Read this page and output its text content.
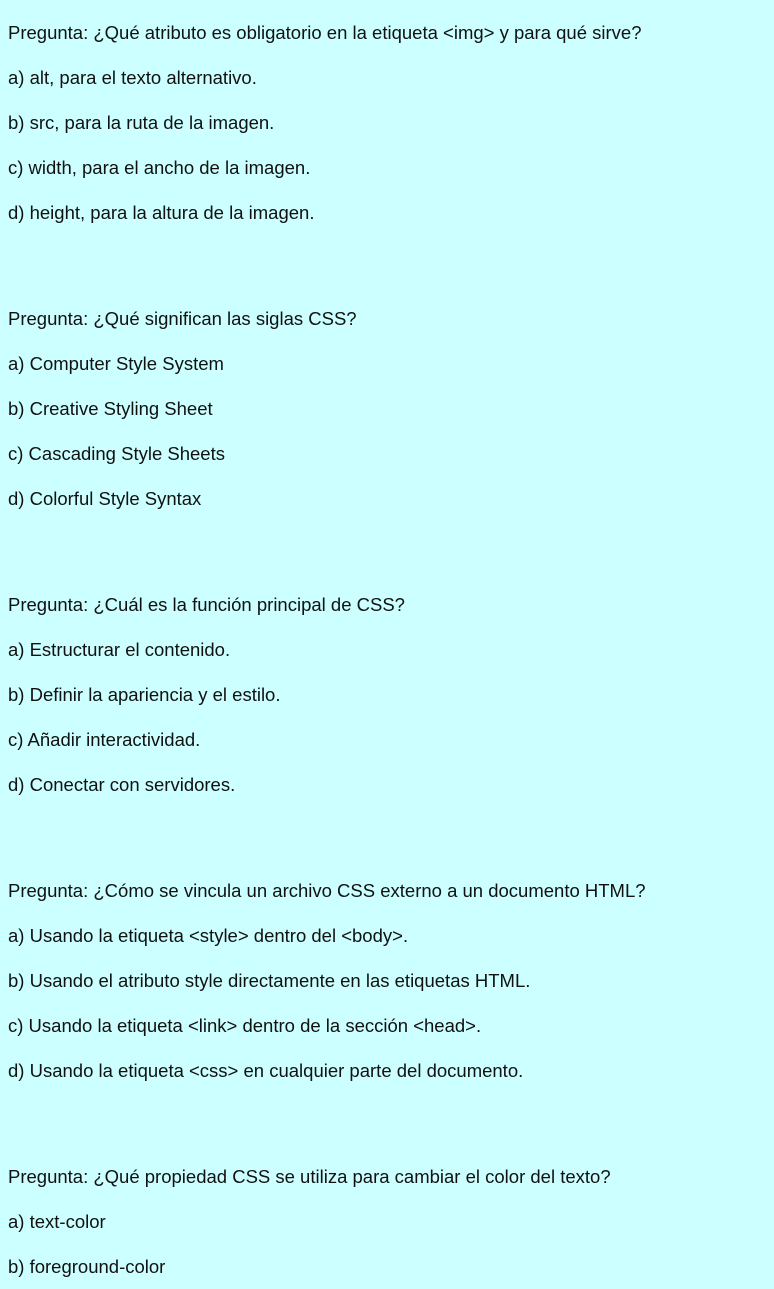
Pregunta: ¿Qué atributo es obligatorio en la etiqueta <img> y para qué sirve?
a) alt, para el texto alternativo.
b) src, para la ruta de la imagen.
c) width, para el ancho de la imagen.
d) height, para la altura de la imagen.
Pregunta: ¿Qué significan las siglas CSS?
a) Computer Style System
b) Creative Styling Sheet
c) Cascading Style Sheets
d) Colorful Style Syntax
Pregunta: ¿Cuál es la función principal de CSS?
a) Estructurar el contenido.
b) Definir la apariencia y el estilo.
c) Añadir interactividad.
d) Conectar con servidores.
Pregunta: ¿Cómo se vincula un archivo CSS externo a un documento HTML?
a) Usando la etiqueta <style> dentro del <body>.
b) Usando el atributo style directamente en las etiquetas HTML.
c) Usando la etiqueta <link> dentro de la sección <head>.
d) Usando la etiqueta <css> en cualquier parte del documento.
Pregunta: ¿Qué propiedad CSS se utiliza para cambiar el color del texto?
a) text-color
b) foreground-color
